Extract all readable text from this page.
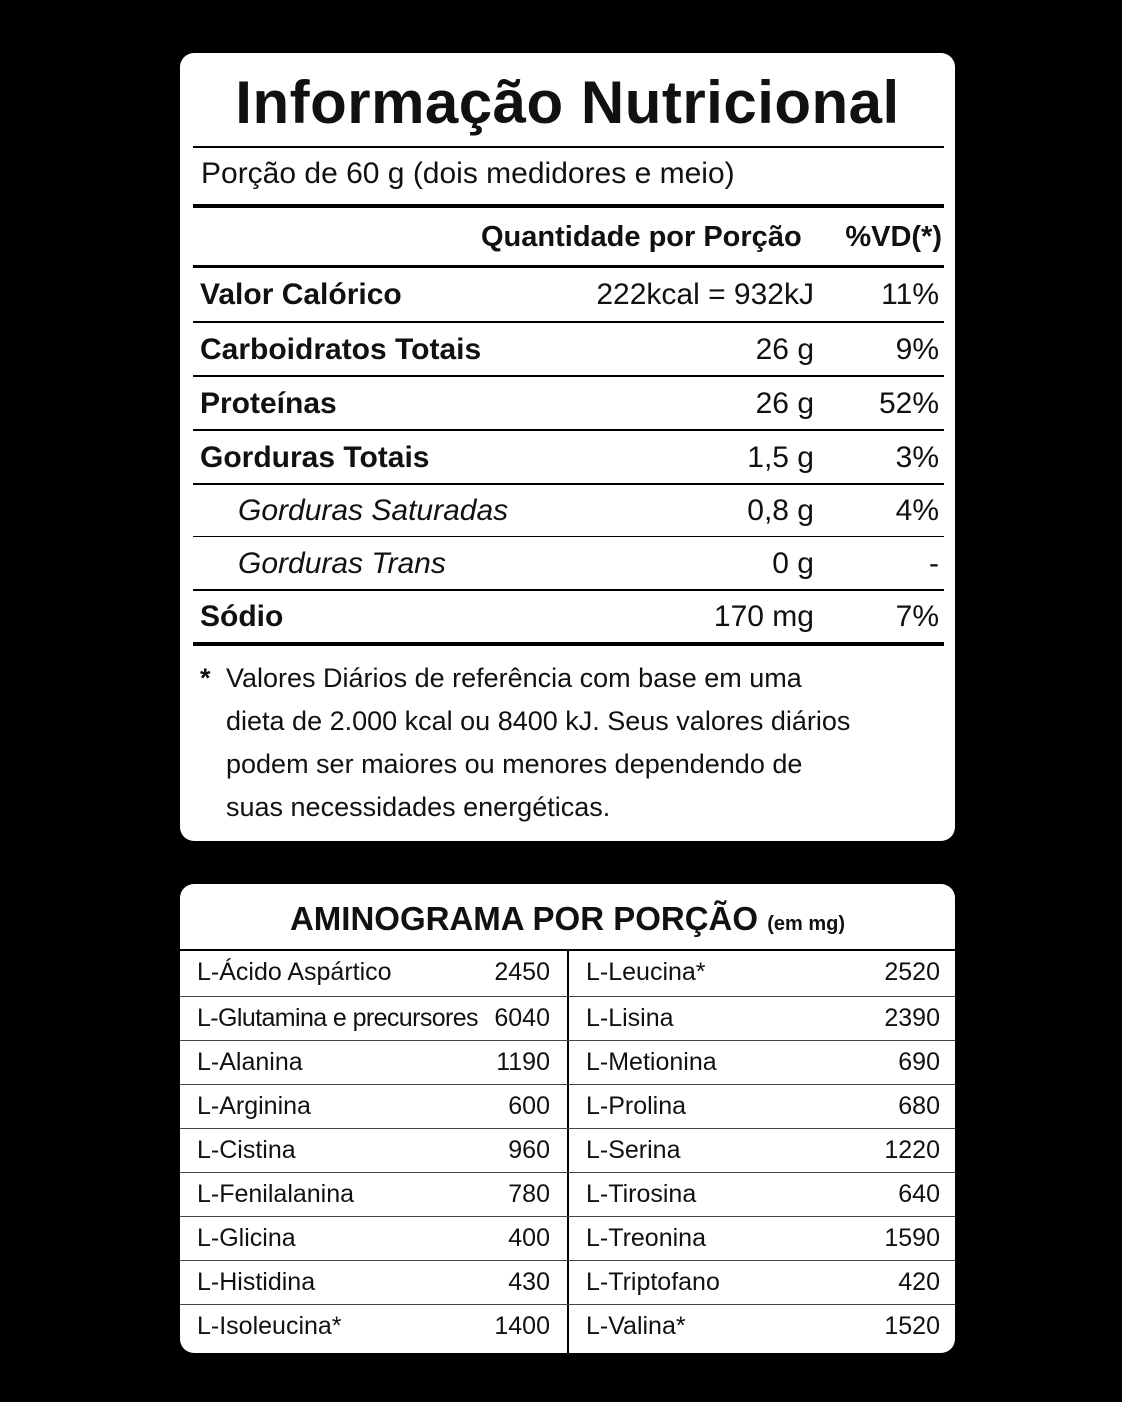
Informação Nutricional
Porção de 60 g (dois medidores e meio)
Quantidade por Porção %VD(*)
Valor Calórico	222kcal = 932kJ 11%
Carboidratos Totais	26 g	9%
Proteínas	26 g 52%
Gorduras Totais	1,5 g	3%
Gorduras Saturadas	0,8 g	4%
Gorduras Trans	0 g	-
Sódio	170 mg	7%
* Valores Diários de referência com base em uma
dieta de 2.000 kcal ou 8400 kJ. Seus valores diários
podem ser maiores ou menores dependendo de
suas necessidades energéticas.
AMINOGRAMA POR PORÇÃO (em mg)
L-Ácido Aspártico	2450 L-Leucina*	2520
L-Glutamina e precursores 6040 L-Lisina	2390
L-Alanina	1190 L-Metionina	690
L-Arginina	600 L-Prolina	680
L-Cistina	960 L-Serina	1220
L-Fenilalanina	780 L-Tirosina	640
L-Glicina	400 L-Treonina	1590
L-Histidina	430 L-Triptofano	420
L-Isoleucina*	1400 L-Valina*	1520
